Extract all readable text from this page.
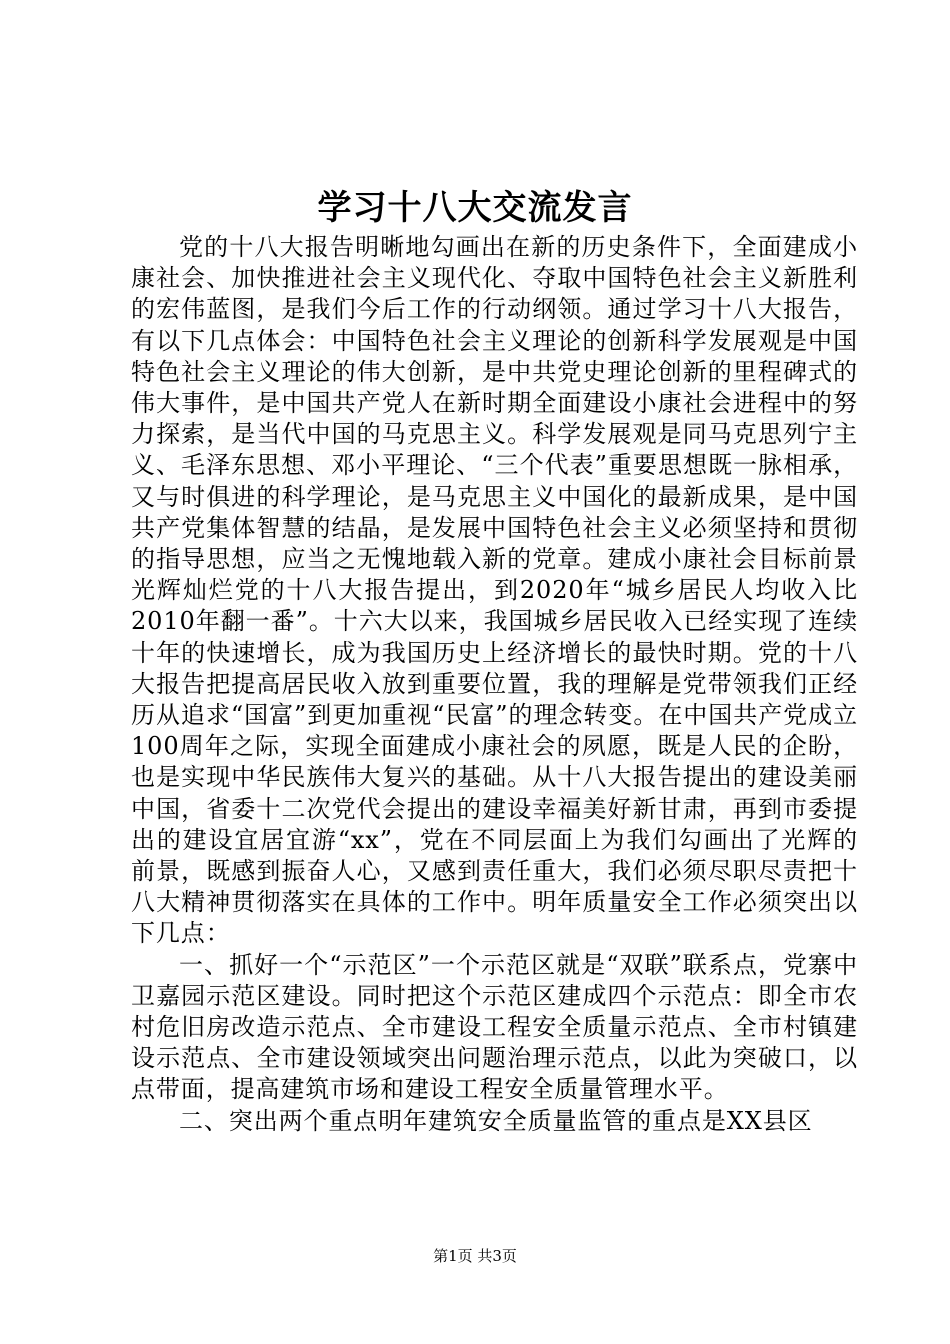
学习十八大交流发言

党的十八大报告明晰地勾画出在新的历史条件下，全面建成小康社会、加快推进社会主义现代化、夺取中国特色社会主义新胜利的宏伟蓝图，是我们今后工作的行动纲领。通过学习十八大报告，有以下几点体会：中国特色社会主义理论的创新科学发展观是中国特色社会主义理论的伟大创新，是中共党史理论创新的里程碑式的伟大事件，是中国共产党人在新时期全面建设小康社会进程中的努力探索，是当代中国的马克思主义。科学发展观是同马克思列宁主义、毛泽东思想、邓小平理论、“三个代表”重要思想既一脉相承，又与时俱进的科学理论，是马克思主义中国化的最新成果，是中国共产党集体智慧的结晶，是发展中国特色社会主义必须坚持和贯彻的指导思想，应当之无愧地载入新的党章。建成小康社会目标前景光辉灿烂党的十八大报告提出，到2020年“城乡居民人均收入比2010年翻一番”。十六大以来，我国城乡居民收入已经实现了连续十年的快速增长，成为我国历史上经济增长的最快时期。党的十八大报告把提高居民收入放到重要位置，我的理解是党带领我们正经历从追求“国富”到更加重视“民富”的理念转变。在中国共产党成立100周年之际，实现全面建成小康社会的夙愿，既是人民的企盼，也是实现中华民族伟大复兴的基础。从十八大报告提出的建设美丽中国，省委十二次党代会提出的建设幸福美好新甘肃，再到市委提出的建设宜居宜游“xx”，党在不同层面上为我们勾画出了光辉的前景，既感到振奋人心，又感到责任重大，我们必须尽职尽责把十八大精神贯彻落实在具体的工作中。明年质量安全工作必须突出以下几点：

一、抓好一个“示范区”一个示范区就是“双联”联系点，党寨中卫嘉园示范区建设。同时把这个示范区建成四个示范点：即全市农村危旧房改造示范点、全市建设工程安全质量示范点、全市村镇建设示范点、全市建设领域突出问题治理示范点，以此为突破口，以点带面，提高建筑市场和建设工程安全质量管理水平。

二、突出两个重点明年建筑安全质量监管的重点是XX县区

第1页 共3页
